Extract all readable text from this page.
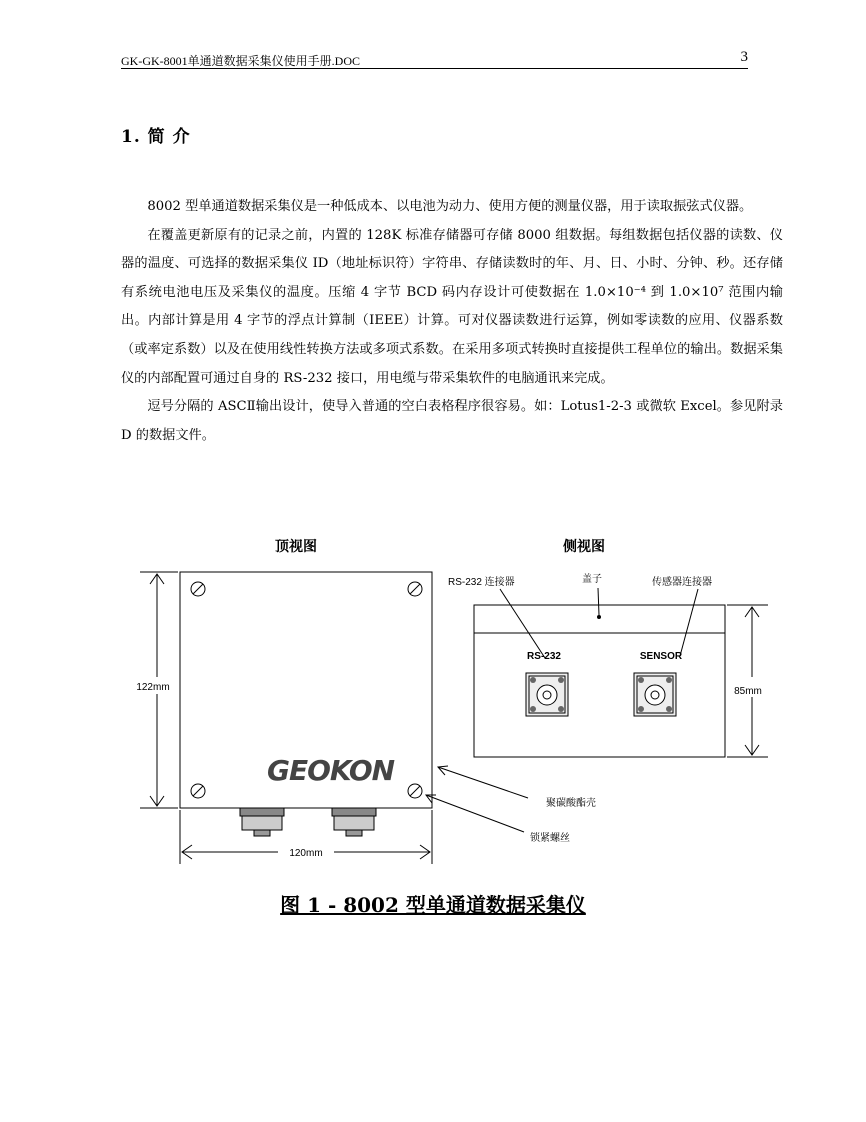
GK-GK-8001单通道数据采集仪使用手册.DOC	3
1. 简 介

8002 型单通道数据采集仪是一种低成本、以电池为动力、使用方便的测量仪器，用于读取振弦式仪器。

在覆盖更新原有的记录之前，内置的 128K 标准存储器可存储 8000 组数据。每组数据包括仪器的读数、仪器的温度、可选择的数据采集仪 ID（地址标识符）字符串、存储读数时的年、月、日、小时、分钟、秒。还存储有系统电池电压及采集仪的温度。压缩 4 字节 BCD 码内存设计可使数据在 1.0×10⁻⁴ 到 1.0×10⁷ 范围内输出。内部计算是用 4 字节的浮点计算制（IEEE）计算。可对仪器读数进行运算，例如零读数的应用、仪器系数（或率定系数）以及在使用线性转换方法或多项式系数。在采用多项式转换时直接提供工程单位的输出。数据采集仪的内部配置可通过自身的 RS-232 接口，用电缆与带采集软件的电脑通讯来完成。

逗号分隔的 ASCⅡ输出设计，使导入普通的空白表格程序很容易。如：Lotus1-2-3 或微软 Excel。参见附录 D 的数据文件。

顶视图	侧视图
GEOKON
122mm
120mm
RS-232 连接器	盖子	传感器连接器
RS-232	SENSOR
85mm
聚碳酸酯壳
锁紧螺丝
图 1 - 8002 型单通道数据采集仪
